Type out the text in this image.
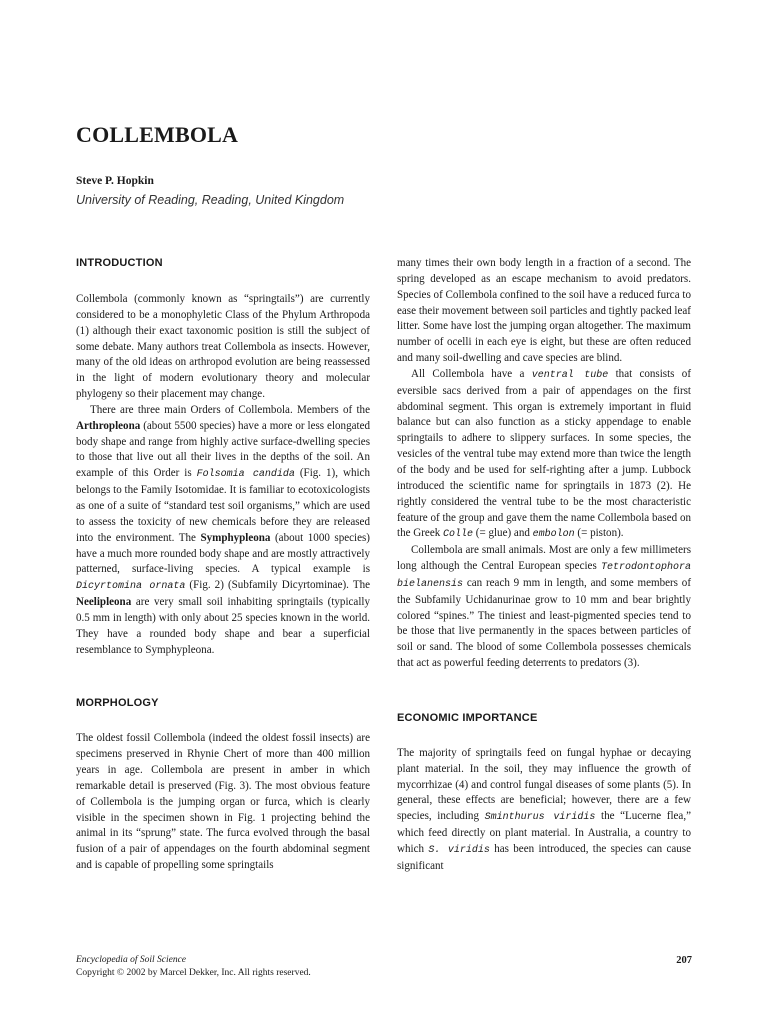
COLLEMBOLA
Steve P. Hopkin
University of Reading, Reading, United Kingdom
INTRODUCTION

Collembola (commonly known as “springtails”) are currently considered to be a monophyletic Class of the Phylum Arthropoda (1) although their exact taxonomic position is still the subject of some debate. Many authors treat Collembola as insects. However, many of the old ideas on arthropod evolution are being reassessed in the light of modern evolutionary theory and molecular phylogeny so their placement may change.

There are three main Orders of Collembola. Members of the Arthropleona (about 5500 species) have a more or less elongated body shape and range from highly active surface-dwelling species to those that live out all their lives in the depths of the soil. An example of this Order is Folsomia candida (Fig. 1), which belongs to the Family Isotomidae. It is familiar to ecotoxicologists as one of a suite of “standard test soil organisms,” which are used to assess the toxicity of new chemicals before they are released into the environment. The Symphypleona (about 1000 species) have a much more rounded body shape and are mostly attractively patterned, surface-living species. A typical example is Dicyrtomina ornata (Fig. 2) (Subfamily Dicyrtominae). The Neelipleona are very small soil inhabiting springtails (typically 0.5 mm in length) with only about 25 species known in the world. They have a rounded body shape and bear a superficial resemblance to Symphypleona.

MORPHOLOGY

The oldest fossil Collembola (indeed the oldest fossil insects) are specimens preserved in Rhynie Chert of more than 400 million years in age. Collembola are present in amber in which remarkable detail is preserved (Fig. 3). The most obvious feature of Collembola is the jumping organ or furca, which is clearly visible in the specimen shown in Fig. 1 projecting behind the animal in its “sprung” state. The furca evolved through the basal fusion of a pair of appendages on the fourth abdominal segment and is capable of propelling some springtails

many times their own body length in a fraction of a second. The spring developed as an escape mechanism to avoid predators. Species of Collembola confined to the soil have a reduced furca to ease their movement between soil particles and tightly packed leaf litter. Some have lost the jumping organ altogether. The maximum number of ocelli in each eye is eight, but these are often reduced and many soil-dwelling and cave species are blind.

All Collembola have a ventral tube that consists of eversible sacs derived from a pair of appendages on the first abdominal segment. This organ is extremely important in fluid balance but can also function as a sticky appendage to enable springtails to adhere to slippery surfaces. In some species, the vesicles of the ventral tube may extend more than twice the length of the body and be used for self-righting after a jump. Lubbock introduced the scientific name for springtails in 1873 (2). He rightly considered the ventral tube to be the most characteristic feature of the group and gave them the name Collembola based on the Greek Colle (= glue) and embolon (= piston).

Collembola are small animals. Most are only a few millimeters long although the Central European species Tetrodontophora bielanensis can reach 9 mm in length, and some members of the Subfamily Uchidanurinae grow to 10 mm and bear brightly colored “spines.” The tiniest and least-pigmented species tend to be those that live permanently in the spaces between particles of soil or sand. The blood of some Collembola possesses chemicals that act as powerful feeding deterrents to predators (3).

ECONOMIC IMPORTANCE

The majority of springtails feed on fungal hyphae or decaying plant material. In the soil, they may influence the growth of mycorrhizae (4) and control fungal diseases of some plants (5). In general, these effects are beneficial; however, there are a few species, including Sminthurus viridis the “Lucerne flea,” which feed directly on plant material. In Australia, a country to which S. viridis has been introduced, the species can cause significant

Encyclopedia of Soil Science
Copyright © 2002 by Marcel Dekker, Inc. All rights reserved.
207
